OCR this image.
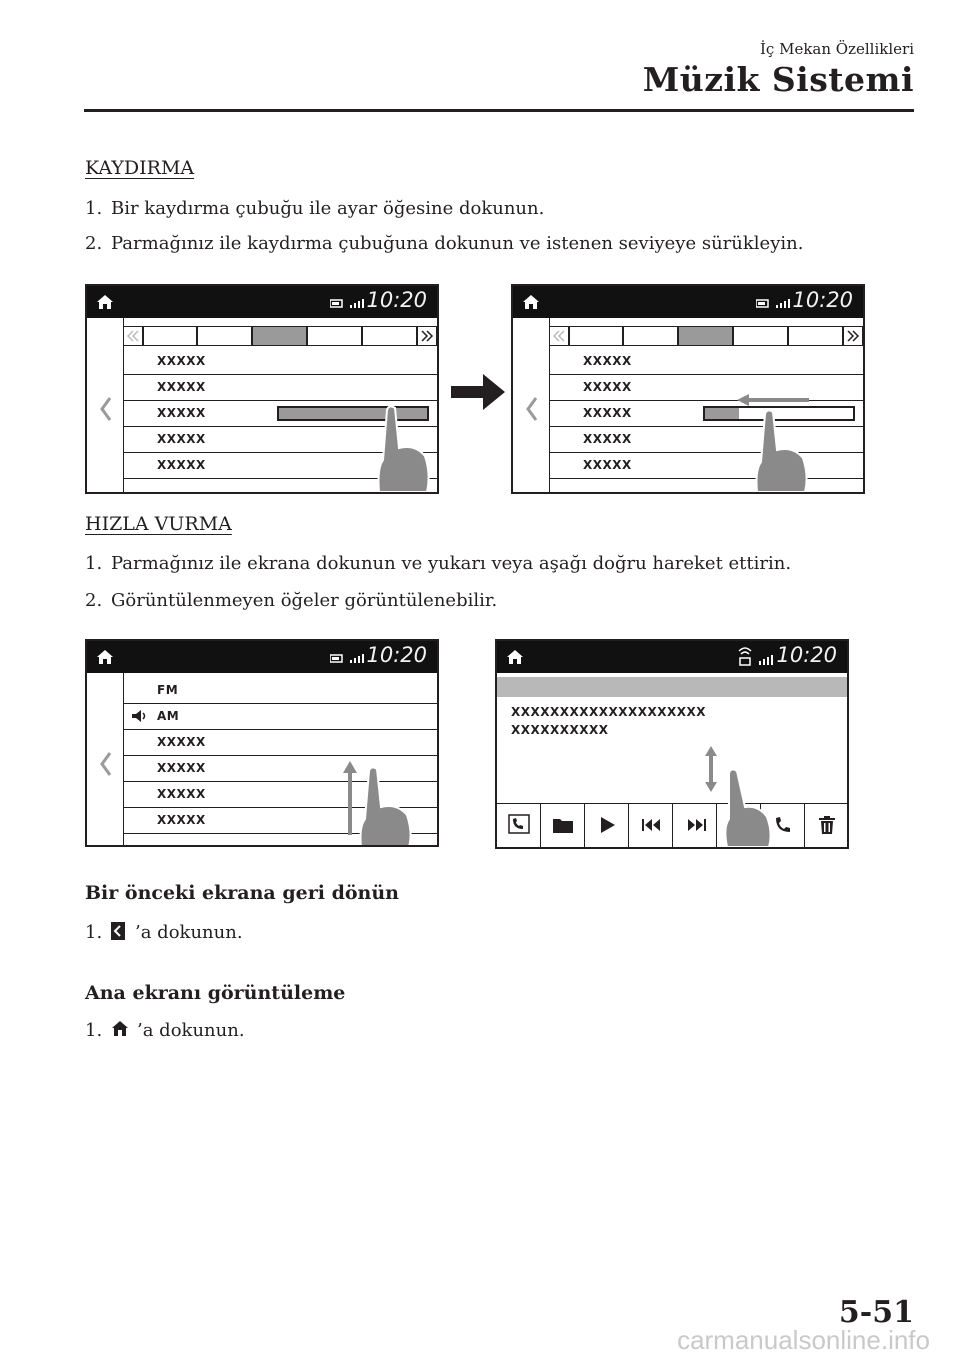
İç Mekan Özellikleri
Müzik Sistemi
KAYDIRMA
1. Bir kaydırma çubuğu ile ayar öğesine dokunun.
2. Parmağınız ile kaydırma çubuğuna dokunun ve istenen seviyeye sürükleyin.
10:20
XXXXX
XXXXX
XXXXX
XXXXX
XXXXX
10:20
XXXXX
XXXXX
XXXXX
XXXXX
XXXXX
HIZLA VURMA
1. Parmağınız ile ekrana dokunun ve yukarı veya aşağı doğru hareket ettirin.
2. Görüntülenmeyen öğeler görüntülenebilir.
10:20
FM
AM
XXXXX
XXXXX
XXXXX
XXXXX
10:20
XXXXXXXXXXXXXXXXXXXX
XXXXXXXXXX
Bir önceki ekrana geri dönün
1. ’a dokunun.
Ana ekranı görüntüleme
1. ’a dokunun.
5-51
carmanualsonline.info
